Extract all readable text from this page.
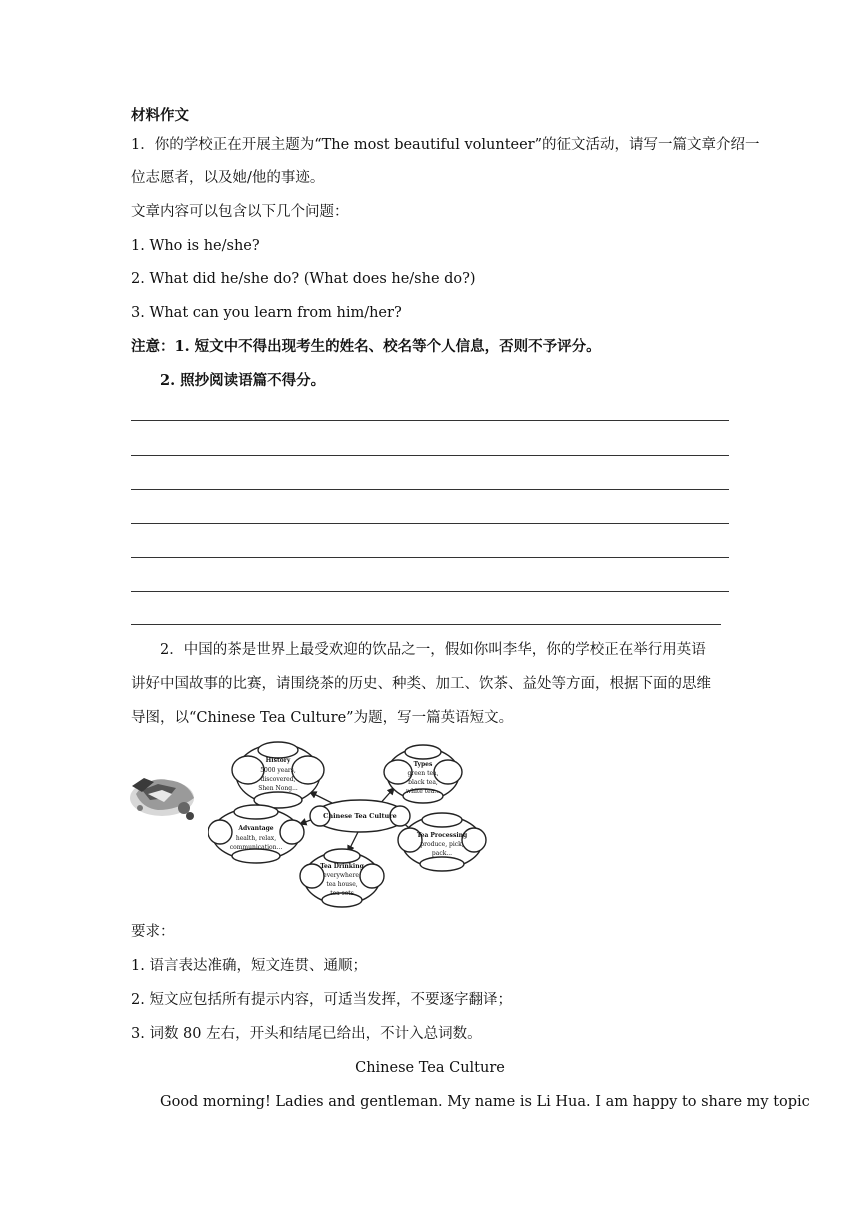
材料作文
1．你的学校正在开展主题为“The most beautiful volunteer”的征文活动，请写一篇文章介绍一
位志愿者，以及她/他的事迹。
文章内容可以包含以下几个问题：
1. Who is he/she?
2. What did he/she do? (What does he/she do?)
3. What can you learn from him/her?
注意：1. 短文中不得出现考生的姓名、校名等个人信息，否则不予评分。
2. 照抄阅读语篇不得分。
2．中国的茶是世界上最受欢迎的饮品之一，假如你叫李华，你的学校正在举行用英语
讲好中国故事的比赛，请围绕茶的历史、种类、加工、饮茶、益处等方面，根据下面的思维
导图，以“Chinese Tea Culture”为题，写一篇英语短文。
Chinese Tea Culture
History
5000 years,
discovered,
Shen Nong...
Types
green tea,
black tea,
white tea...
Advantage
health, relax,
communication...
Tea Processing
produce, pick,
pack...
Tea Drinking
everywhere,
tea house,
tea sets
要求：
1. 语言表达准确，短文连贯、通顺；
2. 短文应包括所有提示内容，可适当发挥，不要逐字翻译；
3. 词数 80 左右，开头和结尾已给出，不计入总词数。
Chinese Tea Culture
Good morning! Ladies and gentleman. My name is Li Hua. I am happy to share my topic
